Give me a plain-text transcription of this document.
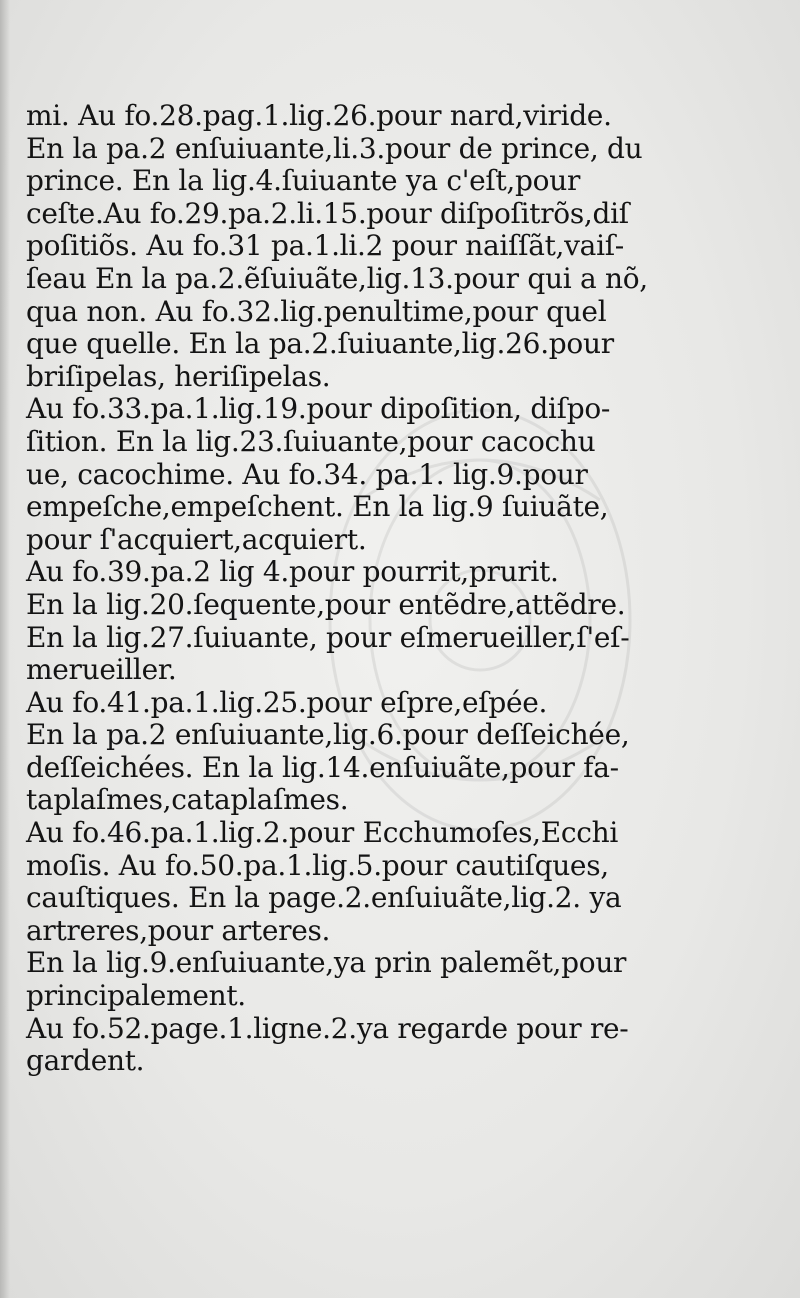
mi. Au fo.28.pag.1.lig.26.pour nard,viride.
En la pa.2 enſuiuante,li.3.pour de prince, du
prince. En la lig.4.ſuiuante ya c'eſt,pour
ceſte.Au fo.29.pa.2.li.15.pour diſpoſitrõs,diſ
poſitiõs. Au fo.31 pa.1.li.2 pour naiſſãt,vaiſ-
ſeau En la pa.2.ẽſuiuãte,lig.13.pour qui a nõ,
qua non. Au fo.32.lig.penultime,pour quel
que quelle. En la pa.2.ſuiuante,lig.26.pour
briſipelas, heriſipelas.
Au fo.33.pa.1.lig.19.pour dipoſition, diſpo-
ſition. En la lig.23.ſuiuante,pour cacochu
ue, cacochime. Au fo.34. pa.1. lig.9.pour
empeſche,empeſchent. En la lig.9 ſuiuãte,
pour ſ'acquiert,acquiert.
Au fo.39.pa.2 lig 4.pour pourrit,prurit.
En la lig.20.ſequente,pour entẽdre,attẽdre.
En la lig.27.ſuiuante, pour eſmerueiller,ſ'eſ-
merueiller.
Au fo.41.pa.1.lig.25.pour eſpre,eſpée.
En la pa.2 enſuiuante,lig.6.pour deſſeichée,
deſſeichées. En la lig.14.enſuiuãte,pour fa-
taplaſmes,cataplaſmes.
Au fo.46.pa.1.lig.2.pour Ecchumoſes,Ecchi
moſis. Au fo.50.pa.1.lig.5.pour cautiſques,
cauſtiques. En la page.2.enſuiuãte,lig.2. ya
artreres,pour arteres.
En la lig.9.enſuiuante,ya prin palemẽt,pour
principalement.
Au fo.52.page.1.ligne.2.ya regarde pour re-
gardent.
